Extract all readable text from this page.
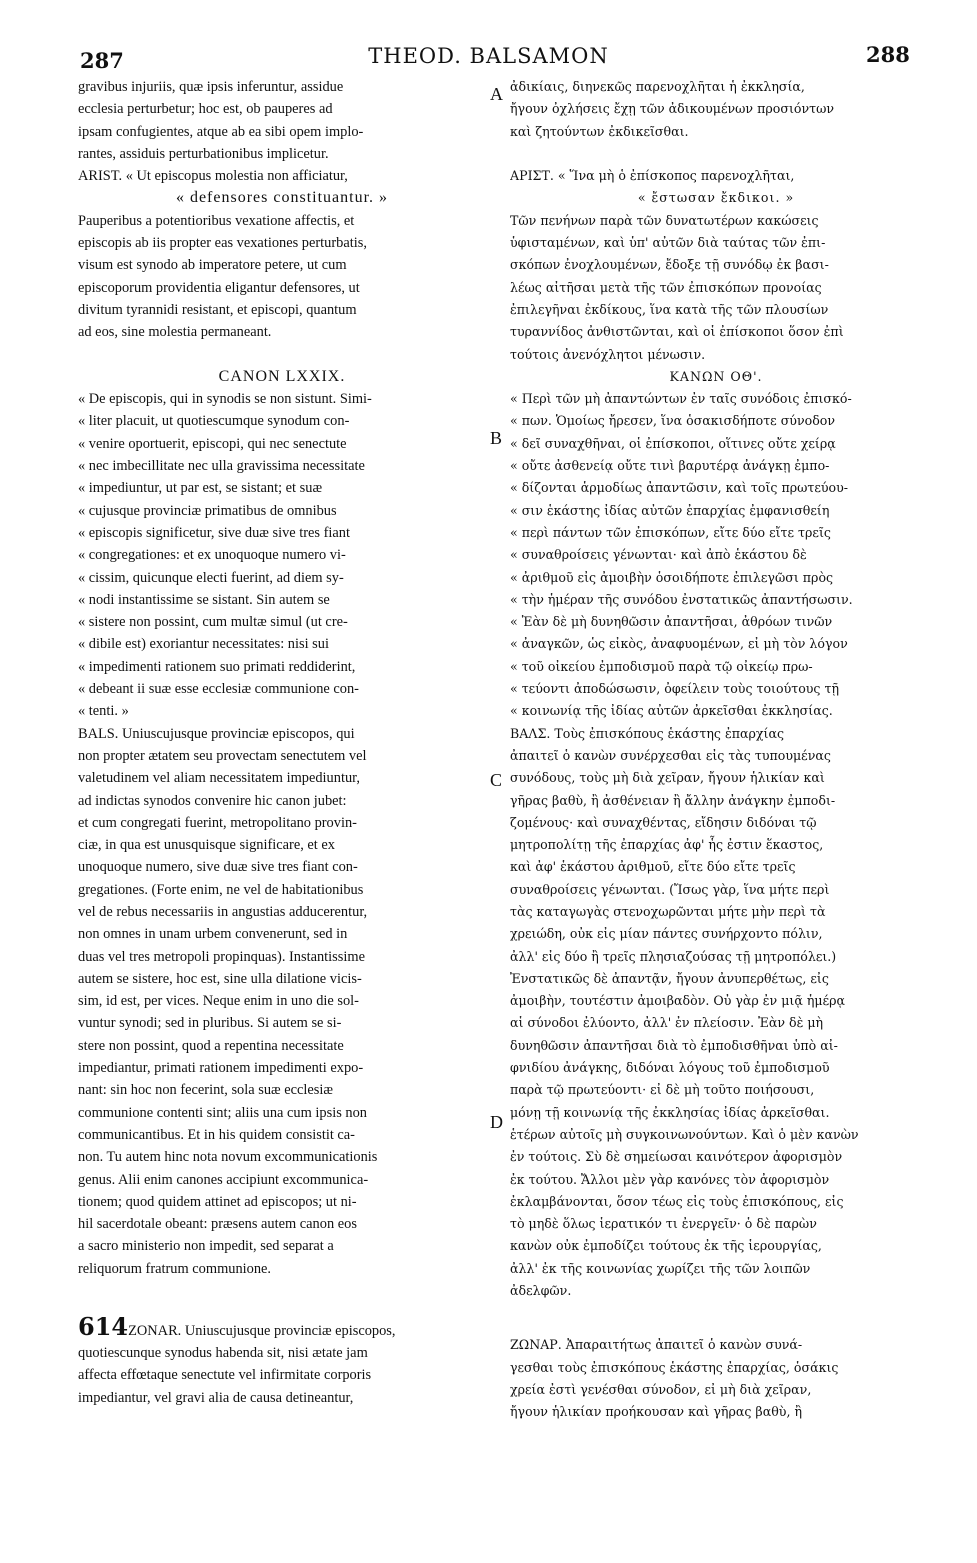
287	THEOD. BALSAMON	288
A
B
C
D
gravibus injuriis, quæ ipsis inferuntur, assidue
ecclesia perturbetur; hoc est, ob pauperes ad
ipsam confugientes, atque ab ea sibi opem implo-
rantes, assiduis perturbationibus implicetur.
ARIST. « Ut episcopus molestia non afficiatur,
« defensores constituantur. »
Pauperibus a potentioribus vexatione affectis, et
episcopis ab iis propter eas vexationes perturbatis,
visum est synodo ab imperatore petere, ut cum
episcoporum providentia eligantur defensores, ut
divitum tyrannidi resistant, et episcopi, quantum
ad eos, sine molestia permaneant.
CANON LXXIX.
« De episcopis, qui in synodis se non sistunt. Simi-
« liter placuit, ut quotiescumque synodum con-
« venire oportuerit, episcopi, qui nec senectute
« nec imbecillitate nec ulla gravissima necessitate
« impediuntur, ut par est, se sistant; et suæ
« cujusque provinciæ primatibus de omnibus
« episcopis significetur, sive duæ sive tres fiant
« congregationes: et ex unoquoque numero vi-
« cissim, quicunque electi fuerint, ad diem sy-
« nodi instantissime se sistant. Sin autem se
« sistere non possint, cum multæ simul (ut cre-
« dibile est) exoriantur necessitates: nisi sui
« impedimenti rationem suo primati reddiderint,
« debeant ii suæ esse ecclesiæ communione con-
« tenti. »
BALS. Uniuscujusque provinciæ episcopos, qui
non propter ætatem seu provectam senectutem vel
valetudinem vel aliam necessitatem impediuntur,
ad indictas synodos convenire hic canon jubet:
et cum congregati fuerint, metropolitano provin-
ciæ, in qua est unusquisque significare, et ex
unoquoque numero, sive duæ sive tres fiant con-
gregationes. (Forte enim, ne vel de habitationibus
vel de rebus necessariis in angustias adducerentur,
non omnes in unam urbem convenerunt, sed in
duas vel tres metropoli propinquas). Instantissime
autem se sistere, hoc est, sine ulla dilatione vicis-
sim, id est, per vices. Neque enim in uno die sol-
vuntur synodi; sed in pluribus. Si autem se si-
stere non possint, quod a repentina necessitate
impediantur, primati rationem impedimenti expo-
nant: sin hoc non fecerint, sola suæ ecclesiæ
communione contenti sint; aliis una cum ipsis non
communicantibus. Et in his quidem consistit ca-
non. Tu autem hinc nota novum excommunicationis
genus. Alii enim canones accipiunt excommunica-
tionem; quod quidem attinet ad episcopos; ut ni-
hil sacerdotale obeant: præsens autem canon eos
a sacro ministerio non impedit, sed separat a
reliquorum fratrum communione.
614ZONAR. Uniuscujusque provinciæ episcopos,
quotiescunque synodus habenda sit, nisi ætate jam
affecta effœtaque senectute vel infirmitate corporis
impediantur, vel gravi alia de causa detineantur,
ἀδικίαις, διηνεκῶς παρενοχλῆται ἡ ἐκκλησία,
ἤγουν ὀχλήσεις ἔχῃ τῶν ἀδικουμένων προσιόντων
καὶ ζητούντων ἐκδικεῖσθαι.
ΑΡΙΣΤ. « Ἵνα μὴ ὁ ἐπίσκοπος παρενοχλῆται,
« ἔστωσαν ἔκδικοι. »
Τῶν πενήνων παρὰ τῶν δυνατωτέρων κακώσεις
ὑφισταμένων, καὶ ὑπ' αὐτῶν διὰ ταύτας τῶν ἐπι-
σκόπων ἐνοχλουμένων, ἔδοξε τῇ συνόδῳ ἐκ βασι-
λέως αἰτῆσαι μετὰ τῆς τῶν ἐπισκόπων προνοίας
ἐπιλεγῆναι ἐκδίκους, ἵνα κατὰ τῆς τῶν πλουσίων
τυραννίδος ἀνθιστῶνται, καὶ οἱ ἐπίσκοποι ὅσον ἐπὶ
τούτοις ἀνενόχλητοι μένωσιν.
ΚΑΝΩΝ ΟΘ'.
« Περὶ τῶν μὴ ἀπαντώντων ἐν ταῖς συνόδοις ἐπισκό-
« πων. Ὁμοίως ἤρεσεν, ἵνα ὁσακισδήποτε σύνοδον
« δεῖ συναχθῆναι, οἱ ἐπίσκοποι, οἵτινες οὔτε χείρᾳ
« οὔτε ἀσθενείᾳ οὔτε τινὶ βαρυτέρᾳ ἀνάγκῃ ἐμπο-
« δίζονται ἁρμοδίως ἀπαντῶσιν, καὶ τοῖς πρωτεύου-
« σιν ἑκάστης ἰδίας αὐτῶν ἐπαρχίας ἐμφανισθείη
« περὶ πάντων τῶν ἐπισκόπων, εἴτε δύο εἴτε τρεῖς
« συναθροίσεις γένωνται· καὶ ἀπὸ ἑκάστου δὲ
« ἀριθμοῦ εἰς ἀμοιβὴν ὁσοιδήποτε ἐπιλεγῶσι πρὸς
« τὴν ἡμέραν τῆς συνόδου ἐνστατικῶς ἀπαντήσωσιν.
« Ἐὰν δὲ μὴ δυνηθῶσιν ἀπαντῆσαι, ἀθρόων τινῶν
« ἀναγκῶν, ὡς εἰκὸς, ἀναφυομένων, εἰ μὴ τὸν λόγον
« τοῦ οἰκείου ἐμποδισμοῦ παρὰ τῷ οἰκείῳ πρω-
« τεύοντι ἀποδώσωσιν, ὀφείλειν τοὺς τοιούτους τῇ
« κοινωνίᾳ τῆς ἰδίας αὐτῶν ἀρκεῖσθαι ἐκκλησίας.
ΒΑΛΣ. Τοὺς ἐπισκόπους ἑκάστης ἐπαρχίας
ἀπαιτεῖ ὁ κανὼν συνέρχεσθαι εἰς τὰς τυπουμένας
συνόδους, τοὺς μὴ διὰ χεῖραν, ἤγουν ἡλικίαν καὶ
γῆρας βαθὺ, ἢ ἀσθένειαν ἢ ἄλλην ἀνάγκην ἐμποδι-
ζομένους· καὶ συναχθέντας, εἴδησιν διδόναι τῷ
μητροπολίτῃ τῆς ἐπαρχίας ἀφ' ἧς ἐστιν ἕκαστος,
καὶ ἀφ' ἑκάστου ἀριθμοῦ, εἴτε δύο εἴτε τρεῖς
συναθροίσεις γένωνται. (Ἴσως γὰρ, ἵνα μήτε περὶ
τὰς καταγωγὰς στενοχωρῶνται μήτε μὴν περὶ τὰ
χρειώδη, οὐκ εἰς μίαν πάντες συνήρχοντο πόλιν,
ἀλλ' εἰς δύο ἢ τρεῖς πλησιαζούσας τῇ μητροπόλει.)
Ἐνστατικῶς δὲ ἀπαντᾷν, ἤγουν ἀνυπερθέτως, εἰς
ἀμοιβὴν, τουτέστιν ἀμοιβαδὸν. Οὐ γὰρ ἐν μιᾷ ἡμέρᾳ
αἱ σύνοδοι ἐλύοντο, ἀλλ' ἐν πλείοσιν. Ἐὰν δὲ μὴ
δυνηθῶσιν ἀπαντῆσαι διὰ τὸ ἐμποδισθῆναι ὑπὸ αἰ-
φνιδίου ἀνάγκης, διδόναι λόγους τοῦ ἐμποδισμοῦ
παρὰ τῷ πρωτεύοντι· εἰ δὲ μὴ τοῦτο ποιήσουσι,
μόνῃ τῇ κοινωνίᾳ τῆς ἐκκλησίας ἰδίας ἀρκεῖσθαι.
ἑτέρων αὐτοῖς μὴ συγκοινωνούντων. Καὶ ὁ μὲν κανὼν
ἐν τούτοις. Σὺ δὲ σημείωσαι καινότερον ἀφορισμὸν
ἐκ τούτου. Ἄλλοι μὲν γὰρ κανόνες τὸν ἀφορισμὸν
ἐκλαμβάνονται, ὅσον τέως εἰς τοὺς ἐπισκόπους, εἰς
τὸ μηδὲ ὅλως ἱερατικόν τι ἐνεργεῖν· ὁ δὲ παρὼν
κανὼν οὐκ ἐμποδίζει τούτους ἐκ τῆς ἱερουργίας,
ἀλλ' ἐκ τῆς κοινωνίας χωρίζει τῆς τῶν λοιπῶν
ἀδελφῶν.
ΖΩΝΑΡ. Ἀπαραιτήτως ἀπαιτεῖ ὁ κανὼν συνά-
γεσθαι τοὺς ἐπισκόπους ἑκάστης ἐπαρχίας, ὁσάκις
χρεία ἐστὶ γενέσθαι σύνοδον, εἰ μὴ διὰ χεῖραν,
ἤγουν ἡλικίαν προήκουσαν καὶ γῆρας βαθὺ, ἢ
